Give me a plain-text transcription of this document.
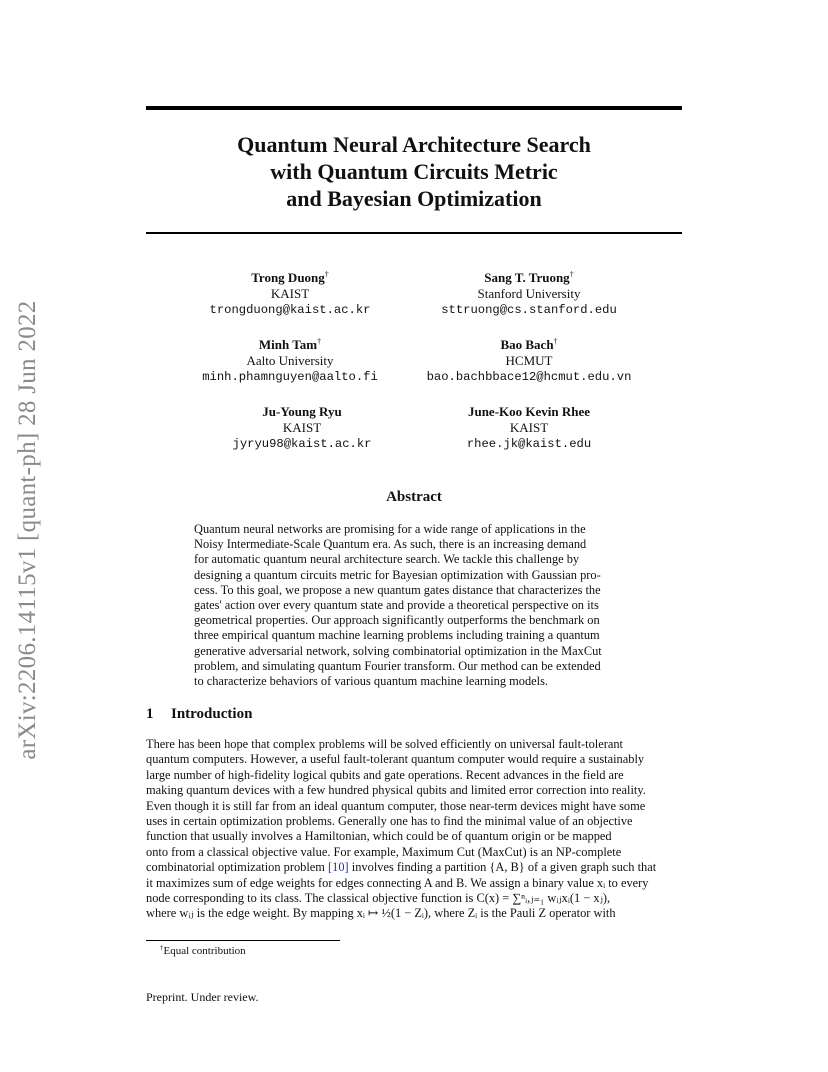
arXiv:2206.14115v1 [quant-ph] 28 Jun 2022
Quantum Neural Architecture Search
with Quantum Circuits Metric
and Bayesian Optimization
Trong Duong†
KAIST
trongduong@kaist.ac.kr
Sang T. Truong†
Stanford University
sttruong@cs.stanford.edu
Minh Tam†
Aalto University
minh.phamnguyen@aalto.fi
Bao Bach†
HCMUT
bao.bachbbace12@hcmut.edu.vn
Ju-Young Ryu
KAIST
jyryu98@kaist.ac.kr
June-Koo Kevin Rhee
KAIST
rhee.jk@kaist.edu
Abstract
Quantum neural networks are promising for a wide range of applications in the
Noisy Intermediate-Scale Quantum era. As such, there is an increasing demand
for automatic quantum neural architecture search. We tackle this challenge by
designing a quantum circuits metric for Bayesian optimization with Gaussian pro-
cess. To this goal, we propose a new quantum gates distance that characterizes the
gates' action over every quantum state and provide a theoretical perspective on its
geometrical properties. Our approach significantly outperforms the benchmark on
three empirical quantum machine learning problems including training a quantum
generative adversarial network, solving combinatorial optimization in the MaxCut
problem, and simulating quantum Fourier transform. Our method can be extended
to characterize behaviors of various quantum machine learning models.
1 Introduction
There has been hope that complex problems will be solved efficiently on universal fault-tolerant
quantum computers. However, a useful fault-tolerant quantum computer would require a sustainably
large number of high-fidelity logical qubits and gate operations. Recent advances in the field are
making quantum devices with a few hundred physical qubits and limited error correction into reality.
Even though it is still far from an ideal quantum computer, those near-term devices might have some
uses in certain optimization problems. Generally one has to find the minimal value of an objective
function that usually involves a Hamiltonian, which could be of quantum origin or be mapped
onto from a classical objective value. For example, Maximum Cut (MaxCut) is an NP-complete
combinatorial optimization problem [10] involves finding a partition {A, B} of a given graph such that
it maximizes sum of edge weights for edges connecting A and B. We assign a binary value xᵢ to every
node corresponding to its class. The classical objective function is C(x) = ∑ⁿᵢ,ⱼ₌₁ wᵢⱼxᵢ(1 − xⱼ),
where wᵢⱼ is the edge weight. By mapping xᵢ ↦ ½(1 − Zᵢ), where Zᵢ is the Pauli Z operator with
†Equal contribution
Preprint. Under review.
